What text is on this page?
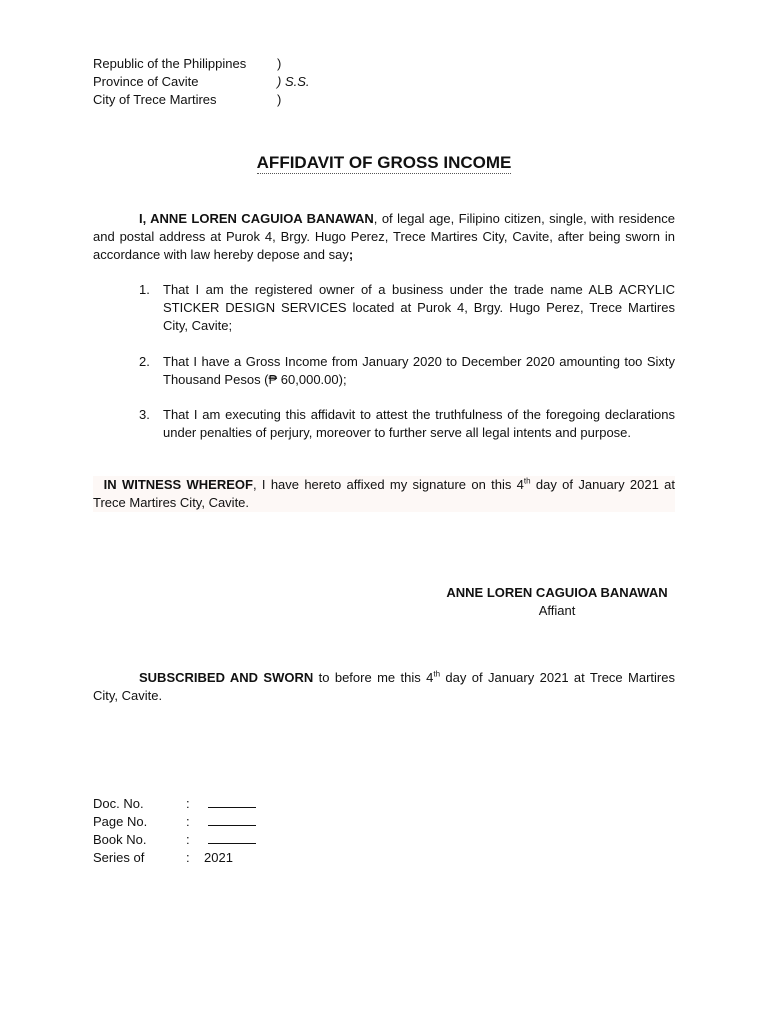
Republic of the Philippines )
Province of Cavite	) S.S.
City of Trece Martires	)
AFFIDAVIT OF GROSS INCOME
I, ANNE LOREN CAGUIOA BANAWAN, of legal age, Filipino citizen, single, with residence and postal address at Purok 4, Brgy. Hugo Perez, Trece Martires City, Cavite, after being sworn in accordance with law hereby depose and say;
1. That I am the registered owner of a business under the trade name ALB ACRYLIC STICKER DESIGN SERVICES located at Purok 4, Brgy. Hugo Perez, Trece Martires City, Cavite;
2. That I have a Gross Income from January 2020 to December 2020 amounting too Sixty Thousand Pesos (₱ 60,000.00);
3. That I am executing this affidavit to attest the truthfulness of the foregoing declarations under penalties of perjury, moreover to further serve all legal intents and purpose.
IN WITNESS WHEREOF, I have hereto affixed my signature on this 4th day of January 2021 at Trece Martires City, Cavite.
ANNE LOREN CAGUIOA BANAWAN
Affiant
SUBSCRIBED AND SWORN to before me this 4th day of January 2021 at Trece Martires City, Cavite.
Doc. No.	:
Page No.	:
Book No.	:
Series of	: 2021
